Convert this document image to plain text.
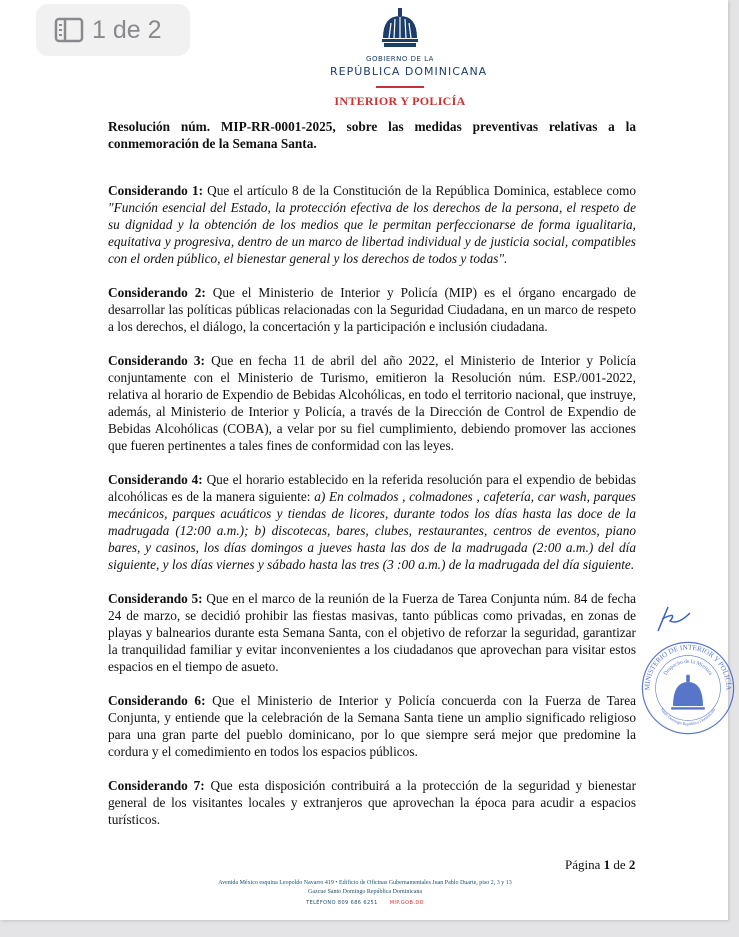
1 de 2
GOBIERNO DE LA
REPÚBLICA DOMINICANA
INTERIOR Y POLICÍA
Resolución núm. MIP-RR-0001-2025, sobre las medidas preventivas relativas a la conmemoración de la Semana Santa.
Considerando 1: Que el artículo 8 de la Constitución de la República Dominica, establece como "Función esencial del Estado, la protección efectiva de los derechos de la persona, el respeto de su dignidad y la obtención de los medios que le permitan perfeccionarse de forma igualitaria, equitativa y progresiva, dentro de un marco de libertad individual y de justicia social, compatibles con el orden público, el bienestar general y los derechos de todos y todas".
Considerando 2: Que el Ministerio de Interior y Policía (MIP) es el órgano encargado de desarrollar las políticas públicas relacionadas con la Seguridad Ciudadana, en un marco de respeto a los derechos, el diálogo, la concertación y la participación e inclusión ciudadana.
Considerando 3: Que en fecha 11 de abril del año 2022, el Ministerio de Interior y Policía conjuntamente con el Ministerio de Turismo, emitieron la Resolución núm. ESP./001-2022, relativa al horario de Expendio de Bebidas Alcohólicas, en todo el territorio nacional, que instruye, además, al Ministerio de Interior y Policía, a través de la Dirección de Control de Expendio de Bebidas Alcohólicas (COBA), a velar por su fiel cumplimiento, debiendo promover las acciones que fueren pertinentes a tales fines de conformidad con las leyes.
Considerando 4: Que el horario establecido en la referida resolución para el expendio de bebidas alcohólicas es de la manera siguiente: a) En colmados , colmadones , cafetería, car wash, parques mecánicos, parques acuáticos y tiendas de licores, durante todos los días hasta las doce de la madrugada (12:00 a.m.); b) discotecas, bares, clubes, restaurantes, centros de eventos, piano bares, y casinos, los días domingos a jueves hasta las dos de la madrugada (2:00 a.m.) del día siguiente, y los días viernes y sábado hasta las tres (3 :00 a.m.) de la madrugada del día siguiente.
Considerando 5: Que en el marco de la reunión de la Fuerza de Tarea Conjunta núm. 84 de fecha 24 de marzo, se decidió prohibir las fiestas masivas, tanto públicas como privadas, en zonas de playas y balnearios durante esta Semana Santa, con el objetivo de reforzar la seguridad, garantizar la tranquilidad familiar y evitar inconvenientes a los ciudadanos que aprovechan para visitar estos espacios en el tiempo de asueto.
Considerando 6: Que el Ministerio de Interior y Policía concuerda con la Fuerza de Tarea Conjunta, y entiende que la celebración de la Semana Santa tiene un amplio significado religioso para una gran parte del pueblo dominicano, por lo que siempre será mejor que predomine la cordura y el comedimiento en todos los espacios públicos.
Considerando 7: Que esta disposición contribuirá a la protección de la seguridad y bienestar general de los visitantes locales y extranjeros que aprovechan la época para acudir a espacios turísticos.
MINISTERIO DE INTERIOR Y POLICÍA
Despacho de la Ministra
Santo Domingo República Dominicana
Página 1 de 2
Avenida México esquina Leopoldo Navarro 419 • Edificio de Oficinas Gubernamentales Juan Pablo Duarte, piso 2, 3 y 13
Gazcue Santo Domingo República Dominicana
TELÉFONO 809 686 6251 MIP.GOB.DO
